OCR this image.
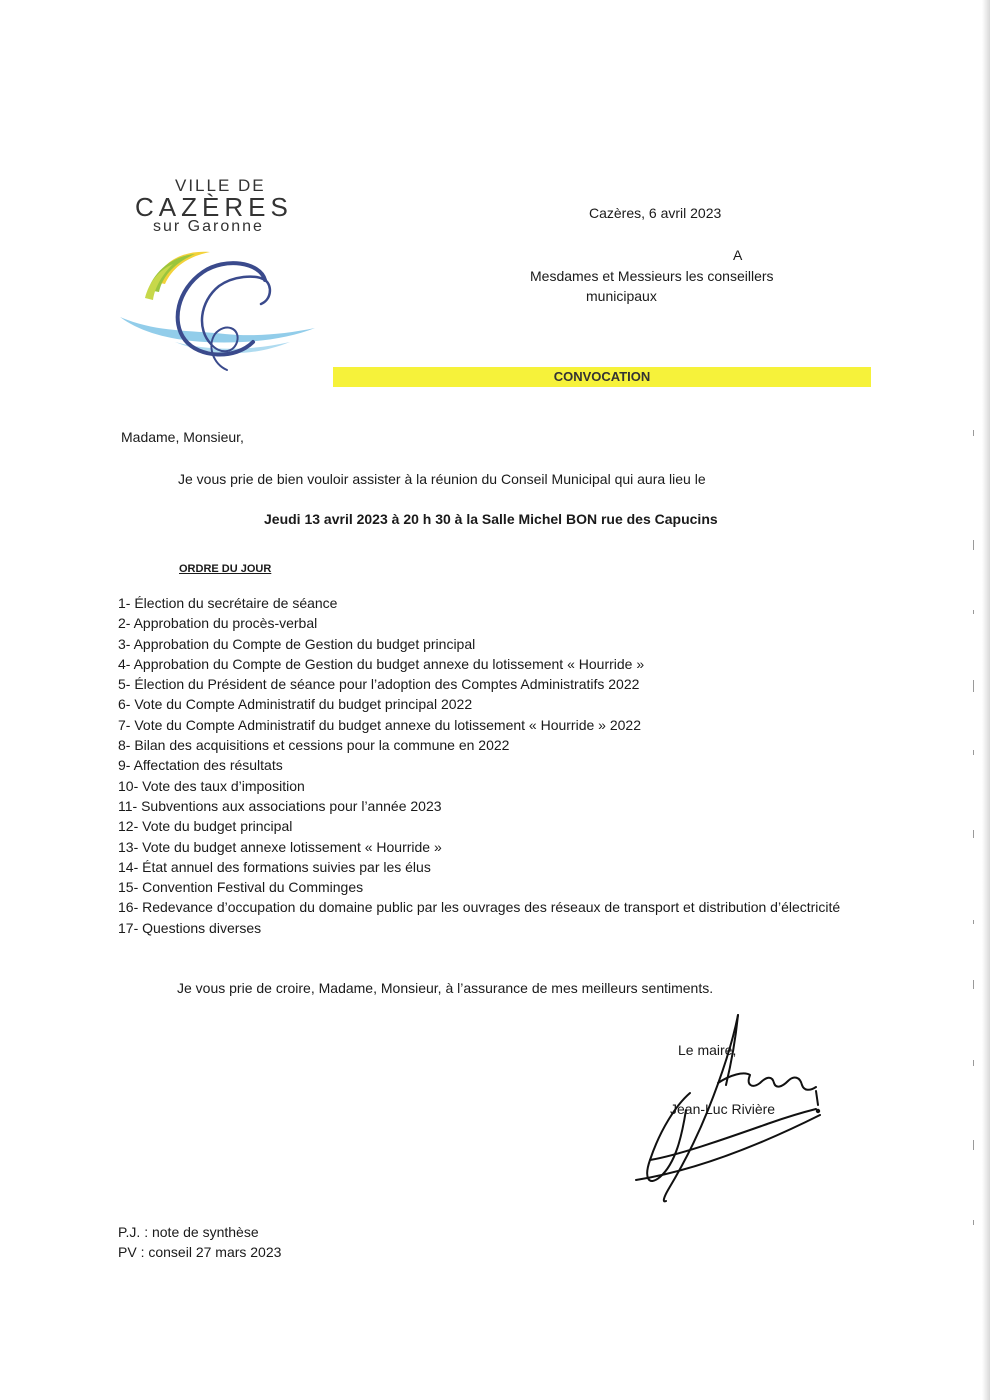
VILLE DE
CAZÈRES
sur Garonne
Cazères, 6 avril 2023
A
Mesdames et Messieurs les conseillers
municipaux
CONVOCATION
Madame, Monsieur,
Je vous prie de bien vouloir assister à la réunion du Conseil Municipal qui aura lieu le
Jeudi 13 avril 2023 à 20 h 30 à la Salle Michel BON rue des Capucins
ORDRE DU JOUR
1- Élection du secrétaire de séance
2- Approbation du procès-verbal
3- Approbation du Compte de Gestion du budget principal
4- Approbation du Compte de Gestion du budget annexe du lotissement « Hourride »
5- Élection du Président de séance pour l’adoption des Comptes Administratifs 2022
6- Vote du Compte Administratif du budget principal 2022
7- Vote du Compte Administratif du budget annexe du lotissement « Hourride » 2022
8- Bilan des acquisitions et cessions pour la commune en 2022
9- Affectation des résultats
10- Vote des taux d’imposition
11- Subventions aux associations pour l’année 2023
12- Vote du budget principal
13- Vote du budget annexe lotissement « Hourride »
14- État annuel des formations suivies par les élus
15- Convention Festival du Comminges
16- Redevance d’occupation du domaine public par les ouvrages des réseaux de transport et distribution d’électricité
17- Questions diverses
Je vous prie de croire, Madame, Monsieur, à l’assurance de mes meilleurs sentiments.
Le maire,
Jean-Luc Rivière
P.J. : note de synthèse
PV : conseil 27 mars 2023
